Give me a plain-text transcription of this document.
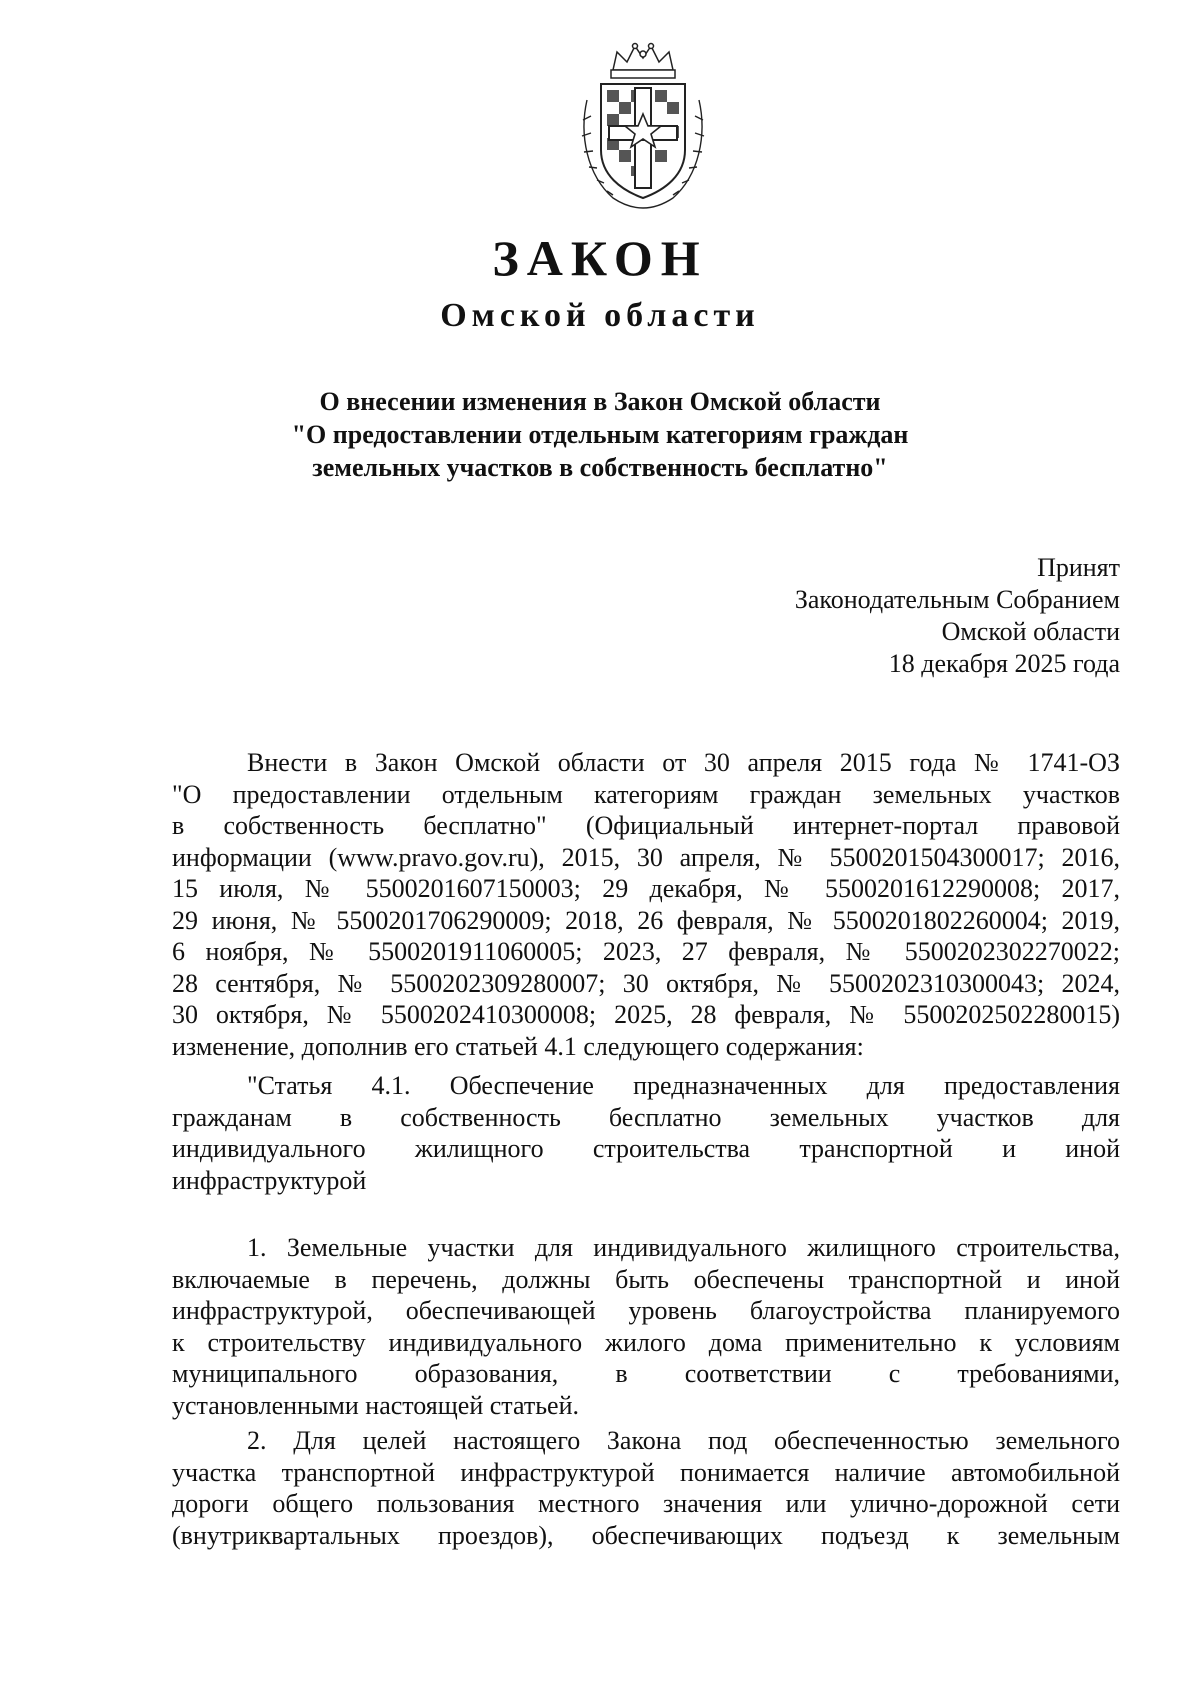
ЗАКОН
Омской области
О внесении изменения в Закон Омской области
"О предоставлении отдельным категориям граждан
земельных участков в собственность бесплатно"
Принят
Законодательным Собранием
Омской области
18 декабря 2025 года
Внести в Закон Омской области от 30 апреля 2015 года № 1741-ОЗ
"О предоставлении отдельным категориям граждан земельных участков
в собственность бесплатно" (Официальный интернет-портал правовой
информации (www.pravo.gov.ru), 2015, 30 апреля, № 5500201504300017; 2016,
15 июля, № 5500201607150003; 29 декабря, № 5500201612290008; 2017,
29 июня, № 5500201706290009; 2018, 26 февраля, № 5500201802260004; 2019,
6 ноября, № 5500201911060005; 2023, 27 февраля, № 5500202302270022;
28 сентября, № 5500202309280007; 30 октября, № 5500202310300043; 2024,
30 октября, № 5500202410300008; 2025, 28 февраля, № 5500202502280015)
изменение, дополнив его статьей 4.1 следующего содержания:
"Статья 4.1. Обеспечение предназначенных для предоставления
гражданам в собственность бесплатно земельных участков для
индивидуального жилищного строительства транспортной и иной
инфраструктурой
1. Земельные участки для индивидуального жилищного строительства,
включаемые в перечень, должны быть обеспечены транспортной и иной
инфраструктурой, обеспечивающей уровень благоустройства планируемого
к строительству индивидуального жилого дома применительно к условиям
муниципального образования, в соответствии с требованиями,
установленными настоящей статьей.
2. Для целей настоящего Закона под обеспеченностью земельного
участка транспортной инфраструктурой понимается наличие автомобильной
дороги общего пользования местного значения или улично-дорожной сети
(внутриквартальных проездов), обеспечивающих подъезд к земельным
